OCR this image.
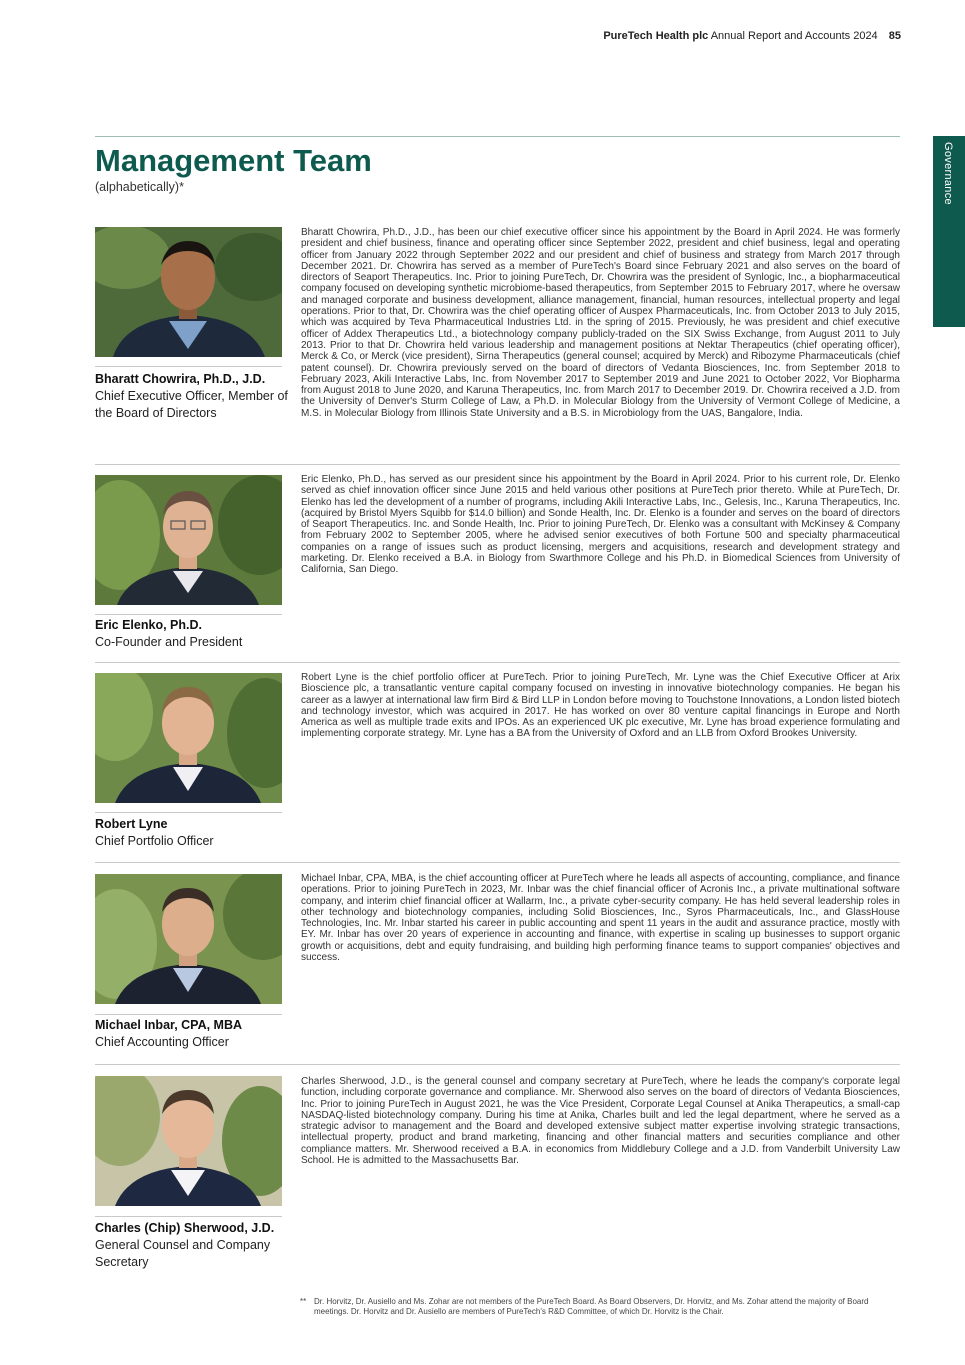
PureTech Health plc Annual Report and Accounts 2024 85
Governance
Management Team
(alphabetically)*
Bharatt Chowrira, Ph.D., J.D.
Chief Executive Officer, Member of the Board of Directors

Bharatt Chowrira, Ph.D., J.D., has been our chief executive officer since his appointment by the Board in April 2024. He was formerly president and chief business, finance and operating officer since September 2022, president and chief business, legal and operating officer from January 2022 through September 2022 and our president and chief of business and strategy from March 2017 through December 2021. Dr. Chowrira has served as a member of PureTech's Board since February 2021 and also serves on the board of directors of Seaport Therapeutics. Inc. Prior to joining PureTech, Dr. Chowrira was the president of Synlogic, Inc., a biopharmaceutical company focused on developing synthetic microbiome-based therapeutics, from September 2015 to February 2017, where he oversaw and managed corporate and business development, alliance management, financial, human resources, intellectual property and legal operations. Prior to that, Dr. Chowrira was the chief operating officer of Auspex Pharmaceuticals, Inc. from October 2013 to July 2015, which was acquired by Teva Pharmaceutical Industries Ltd. in the spring of 2015. Previously, he was president and chief executive officer of Addex Therapeutics Ltd., a biotechnology company publicly-traded on the SIX Swiss Exchange, from August 2011 to July 2013. Prior to that Dr. Chowrira held various leadership and management positions at Nektar Therapeutics (chief operating officer), Merck & Co, or Merck (vice president), Sirna Therapeutics (general counsel; acquired by Merck) and Ribozyme Pharmaceuticals (chief patent counsel). Dr. Chowrira previously served on the board of directors of Vedanta Biosciences, Inc. from September 2018 to February 2023, Akili Interactive Labs, Inc. from November 2017 to September 2019 and June 2021 to October 2022, Vor Biopharma from August 2018 to June 2020, and Karuna Therapeutics, Inc. from March 2017 to December 2019. Dr. Chowrira received a J.D. from the University of Denver's Sturm College of Law, a Ph.D. in Molecular Biology from the University of Vermont College of Medicine, a M.S. in Molecular Biology from Illinois State University and a B.S. in Microbiology from the UAS, Bangalore, India.

Eric Elenko, Ph.D.
Co-Founder and President

Eric Elenko, Ph.D., has served as our president since his appointment by the Board in April 2024. Prior to his current role, Dr. Elenko served as chief innovation officer since June 2015 and held various other positions at PureTech prior thereto. While at PureTech, Dr. Elenko has led the development of a number of programs, including Akili Interactive Labs, Inc., Gelesis, Inc., Karuna Therapeutics, Inc. (acquired by Bristol Myers Squibb for $14.0 billion) and Sonde Health, Inc. Dr. Elenko is a founder and serves on the board of directors of Seaport Therapeutics. Inc. and Sonde Health, Inc. Prior to joining PureTech, Dr. Elenko was a consultant with McKinsey & Company from February 2002 to September 2005, where he advised senior executives of both Fortune 500 and specialty pharmaceutical companies on a range of issues such as product licensing, mergers and acquisitions, research and development strategy and marketing. Dr. Elenko received a B.A. in Biology from Swarthmore College and his Ph.D. in Biomedical Sciences from University of California, San Diego.

Robert Lyne
Chief Portfolio Officer

Robert Lyne is the chief portfolio officer at PureTech. Prior to joining PureTech, Mr. Lyne was the Chief Executive Officer at Arix Bioscience plc, a transatlantic venture capital company focused on investing in innovative biotechnology companies. He began his career as a lawyer at international law firm Bird & Bird LLP in London before moving to Touchstone Innovations, a London listed biotech and technology investor, which was acquired in 2017. He has worked on over 80 venture capital financings in Europe and North America as well as multiple trade exits and IPOs. As an experienced UK plc executive, Mr. Lyne has broad experience formulating and implementing corporate strategy. Mr. Lyne has a BA from the University of Oxford and an LLB from Oxford Brookes University.

Michael Inbar, CPA, MBA
Chief Accounting Officer

Michael Inbar, CPA, MBA, is the chief accounting officer at PureTech where he leads all aspects of accounting, compliance, and finance operations. Prior to joining PureTech in 2023, Mr. Inbar was the chief financial officer of Acronis Inc., a private multinational software company, and interim chief financial officer at Wallarm, Inc., a private cyber-security company. He has held several leadership roles in other technology and biotechnology companies, including Solid Biosciences, Inc., Syros Pharmaceuticals, Inc., and GlassHouse Technologies, Inc. Mr. Inbar started his career in public accounting and spent 11 years in the audit and assurance practice, mostly with EY. Mr. Inbar has over 20 years of experience in accounting and finance, with expertise in scaling up businesses to support organic growth or acquisitions, debt and equity fundraising, and building high performing finance teams to support companies' objectives and success.

Charles (Chip) Sherwood, J.D.
General Counsel and Company Secretary

Charles Sherwood, J.D., is the general counsel and company secretary at PureTech, where he leads the company's corporate legal function, including corporate governance and compliance. Mr. Sherwood also serves on the board of directors of Vedanta Biosciences, Inc. Prior to joining PureTech in August 2021, he was the Vice President, Corporate Legal Counsel at Anika Therapeutics, a small-cap NASDAQ-listed biotechnology company. During his time at Anika, Charles built and led the legal department, where he served as a strategic advisor to management and the Board and developed extensive subject matter expertise involving strategic transactions, intellectual property, product and brand marketing, financing and other financial matters and securities compliance and other compliance matters. Mr. Sherwood received a B.A. in economics from Middlebury College and a J.D. from Vanderbilt University Law School. He is admitted to the Massachusetts Bar.

** Dr. Horvitz, Dr. Ausiello and Ms. Zohar are not members of the PureTech Board. As Board Observers, Dr. Horvitz, and Ms. Zohar attend the majority of Board meetings. Dr. Horvitz and Dr. Ausiello are members of PureTech's R&D Committee, of which Dr. Horvitz is the Chair.
